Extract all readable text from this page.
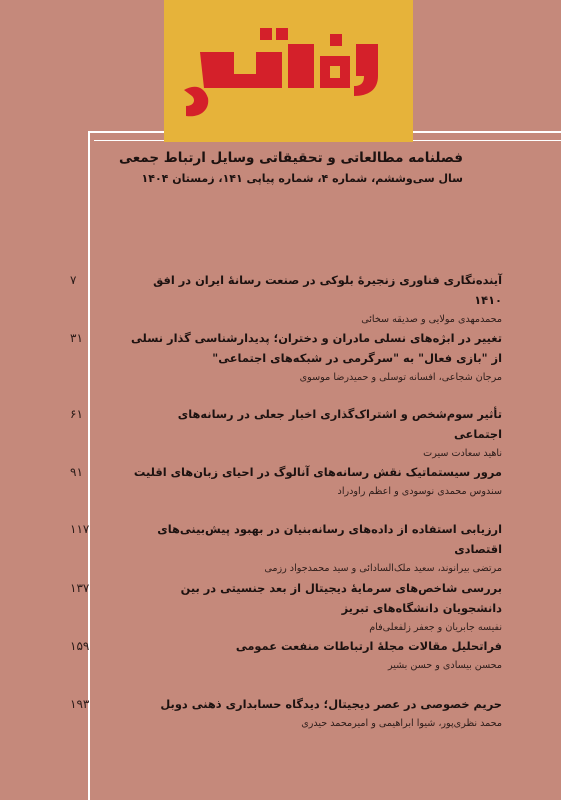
رسانه
فصلنامه مطالعاتی و تحقیقاتی وسایل ارتباط جمعی
سال سی‌وششم، شماره ۴، شماره پیاپی ۱۴۱، زمستان ۱۴۰۴
۷	آینده‌نگاری فناوری زنجیرهٔ بلوکی در صنعت رسانهٔ ایران در افق ۱۴۱۰
محمدمهدی مولایی و صدیقه سخائی
۳۱	تغییر در ابژه‌های نسلی مادران و دختران؛ پدیدارشناسی گذار نسلی از "بازی فعال" به "سرگرمی در شبکه‌های اجتماعی"
مرجان شجاعی، افسانه توسلی و حمیدرضا موسوی
۶۱	تأثیر سوم‌شخص و اشتراک‌گذاری اخبار جعلی در رسانه‌های اجتماعی
ناهید سعادت سیرت
۹۱	مرور سیستماتیک نقش رسانه‌های آنالوگ در احیای زبان‌های اقلیت
سندوس محمدی نوسودی و اعظم راودراد
۱۱۷	ارزیابی استفاده از داده‌های رسانه‌بنیان در بهبود پیش‌بینی‌های اقتصادی
مرتضی بیرانوند، سعید ملک‌السادائی و سید محمدجواد رزمی
۱۳۷	بررسی شاخص‌های سرمایهٔ دیجیتال از بعد جنسیتی در بین دانشجویان دانشگاه‌های تبریز
نفیسه جابریان و جعفر زلفعلی‌فام
۱۵۹	فراتحلیل مقالات مجلهٔ ارتباطات منفعت عمومی
محسن بیسادی و حسن بشیر
۱۹۳	حریم خصوصی در عصر دیجیتال؛ دیدگاه حسابداری ذهنی دوبل
محمد نظری‌پور، شیوا ابراهیمی و امیرمحمد حیدری
